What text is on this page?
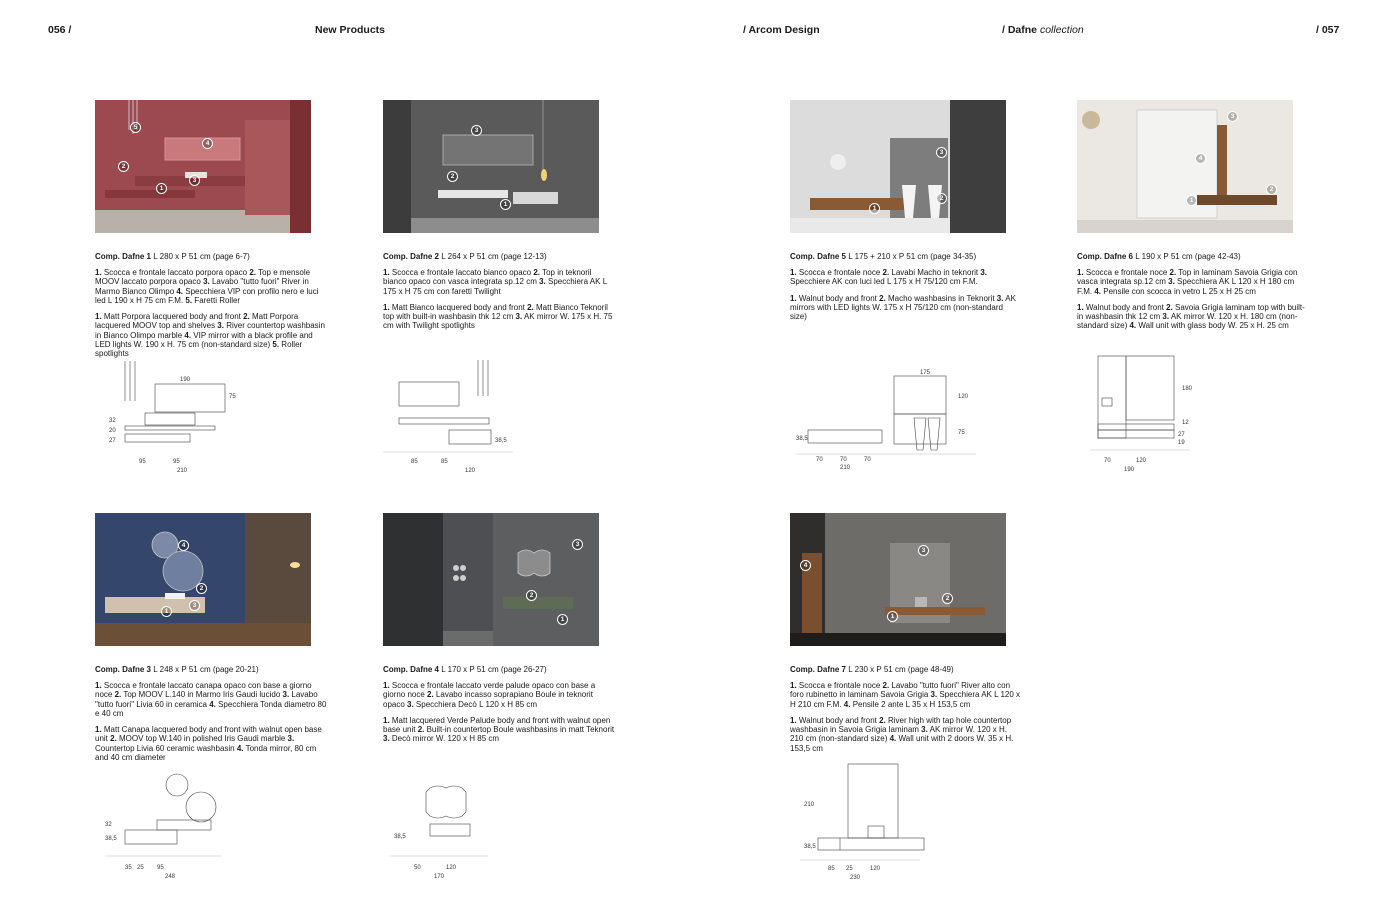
056 /	New Products	/ Arcom Design	/ Dafne collection	/ 057
1
2
3
4
5
Comp. Dafne 1 L 280 x P 51 cm (page 6-7)
1. Scocca e frontale laccato porpora opaco 2. Top e mensole MOOV laccato porpora opaco 3. Lavabo "tutto fuori" River in Marmo Bianco Olimpo 4. Specchiera VIP con profilo nero e luci led L 190 x H 75 cm F.M. 5. Faretti Roller
1. Matt Porpora lacquered body and front 2. Matt Porpora lacquered MOOV top and shelves 3. River countertop washbasin in Bianco Olimpo marble 4. VIP mirror with a black profile and LED lights W. 190 x H. 75 cm (non-standard size) 5. Roller spotlights
190
75
27
20
32
95	95
210
1
2
3
Comp. Dafne 2 L 264 x P 51 cm (page 12-13)
1. Scocca e frontale laccato bianco opaco 2. Top in teknoril bianco opaco con vasca integrata sp.12 cm 3. Specchiera AK L 175 x H 75 cm con faretti Twilight
1. Matt Bianco lacquered body and front 2. Matt Bianco Teknoril top with built-in washbasin thk 12 cm 3. AK mirror W. 175 x H. 75 cm with Twilight spotlights
38,5
85	85
120
1
2
3
Comp. Dafne 5 L 175 + 210 x P 51 cm (page 34-35)
1. Scocca e frontale noce 2. Lavabi Macho in teknorit 3. Specchiere AK con luci led L 175 x H 75/120 cm F.M.
1. Walnut body and front 2. Macho washbasins in Teknorit 3. AK mirrors with LED lights W. 175 x H 75/120 cm (non-standard size)
175
120
75
38,5
70	70	70
210
1
2
3
4
Comp. Dafne 6 L 190 x P 51 cm (page 42-43)
1. Scocca e frontale noce 2. Top in laminam Savoia Grigia con vasca integrata sp.12 cm 3. Specchiera AK L 120 x H 180 cm F.M. 4. Pensile con scocca in vetro L 25 x H 25 cm
1. Walnut body and front 2. Savoia Grigia laminam top with built-in washbasin thk 12 cm 3. AK mirror W. 120 x H. 180 cm (non-standard size) 4. Wall unit with glass body W. 25 x H. 25 cm
180
12
27
19
70	120
190
1
2
3
4
Comp. Dafne 3 L 248 x P 51 cm (page 20-21)
1. Scocca e frontale laccato canapa opaco con base a giorno noce 2. Top MOOV L.140 in Marmo Iris Gaudi lucido 3. Lavabo "tutto fuori" Livia 60 in ceramica 4. Specchiera Tonda diametro 80 e 40 cm
1. Matt Canapa lacquered body and front with walnut open base unit 2. MOOV top W.140 in polished Iris Gaudi marble 3. Countertop Livia 60 ceramic washbasin 4. Tonda mirror, 80 cm and 40 cm diameter
38,5
32
35 25 95
248
1
2
3
Comp. Dafne 4 L 170 x P 51 cm (page 26-27)
1. Scocca e frontale laccato verde palude opaco con base a giorno noce 2. Lavabo incasso soprapiano Boule in teknorit opaco 3. Specchiera Decò L 120 x H 85 cm
1. Matt lacquered Verde Palude body and front with walnut open base unit 2. Built-in countertop Boule washbasins in matt Teknorit 3. Decò mirror W. 120 x H 85 cm
38,5
50	120
170
1
2
3
4
Comp. Dafne 7 L 230 x P 51 cm (page 48-49)
1. Scocca e frontale noce 2. Lavabo "tutto fuori" River alto con foro rubinetto in laminam Savoia Grigia 3. Specchiera AK L 120 x H 210 cm F.M. 4. Pensile 2 ante L 35 x H 153,5 cm
1. Walnut body and front 2. River high with tap hole countertop washbasin in Savoia Grigia laminam 3. AK mirror W. 120 x H. 210 cm (non-standard size) 4. Wall unit with 2 doors W. 35 x H. 153,5 cm
210
38,5
85 25	120
230
